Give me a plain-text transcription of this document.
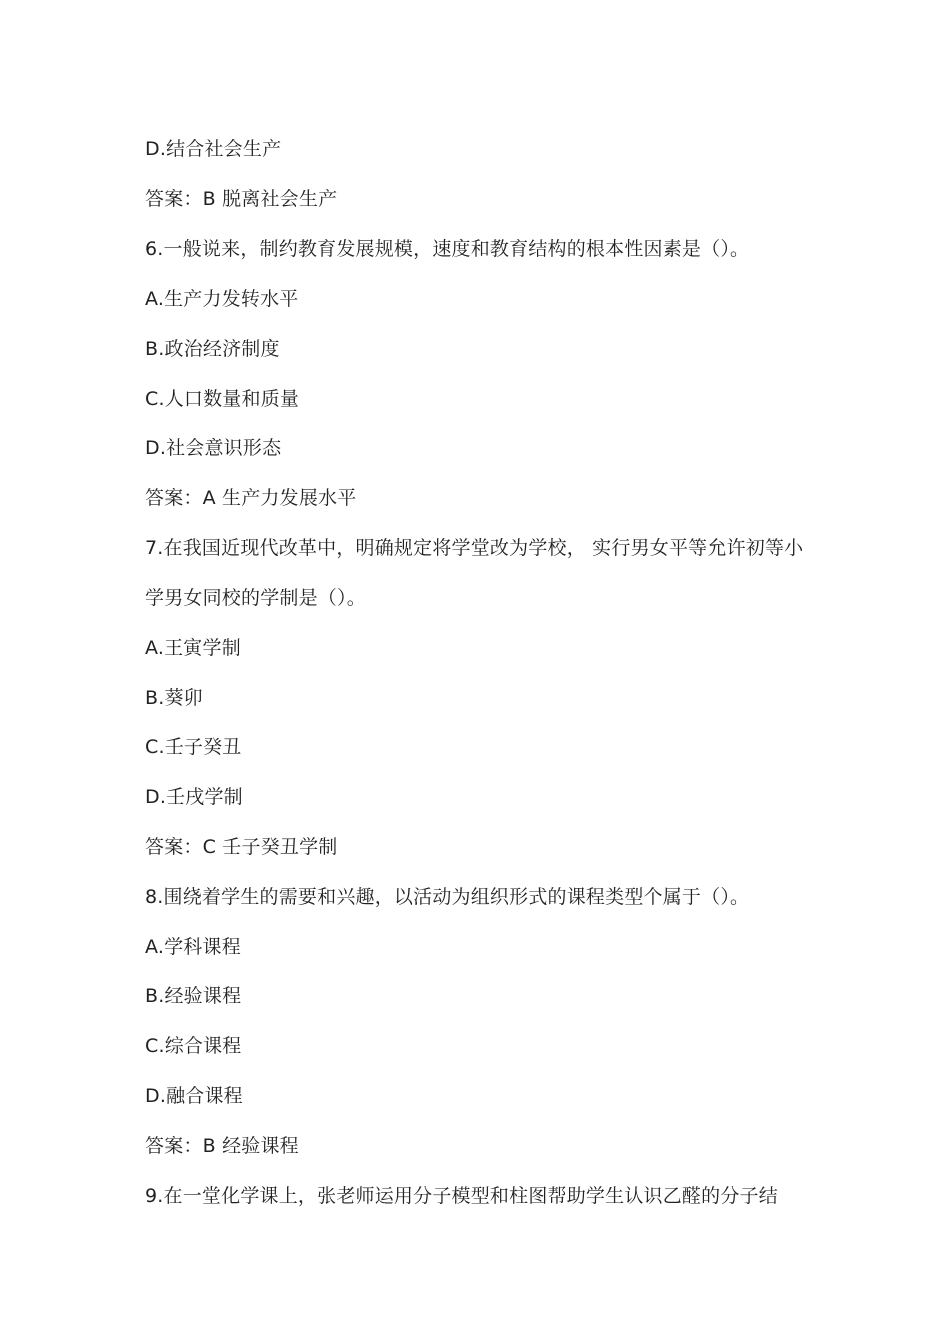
D.结合社会生产
答案：B 脱离社会生产
6.一般说来，制约教育发展规模，速度和教育结构的根本性因素是（）。
A.生产力发转水平
B.政治经济制度
C.人口数量和质量
D.社会意识形态
答案：A 生产力发展水平
7.在我国近现代改革中，明确规定将学堂改为学校， 实行男女平等允许初等小
学男女同校的学制是（）。
A.王寅学制
B.葵卯
C.壬子癸丑
D.壬戌学制
答案：C 壬子癸丑学制
8.围绕着学生的需要和兴趣，以活动为组织形式的课程类型个属于（）。
A.学科课程
B.经验课程
C.综合课程
D.融合课程
答案：B 经验课程
9.在一堂化学课上，张老师运用分子模型和柱图帮助学生认识乙醛的分子结
